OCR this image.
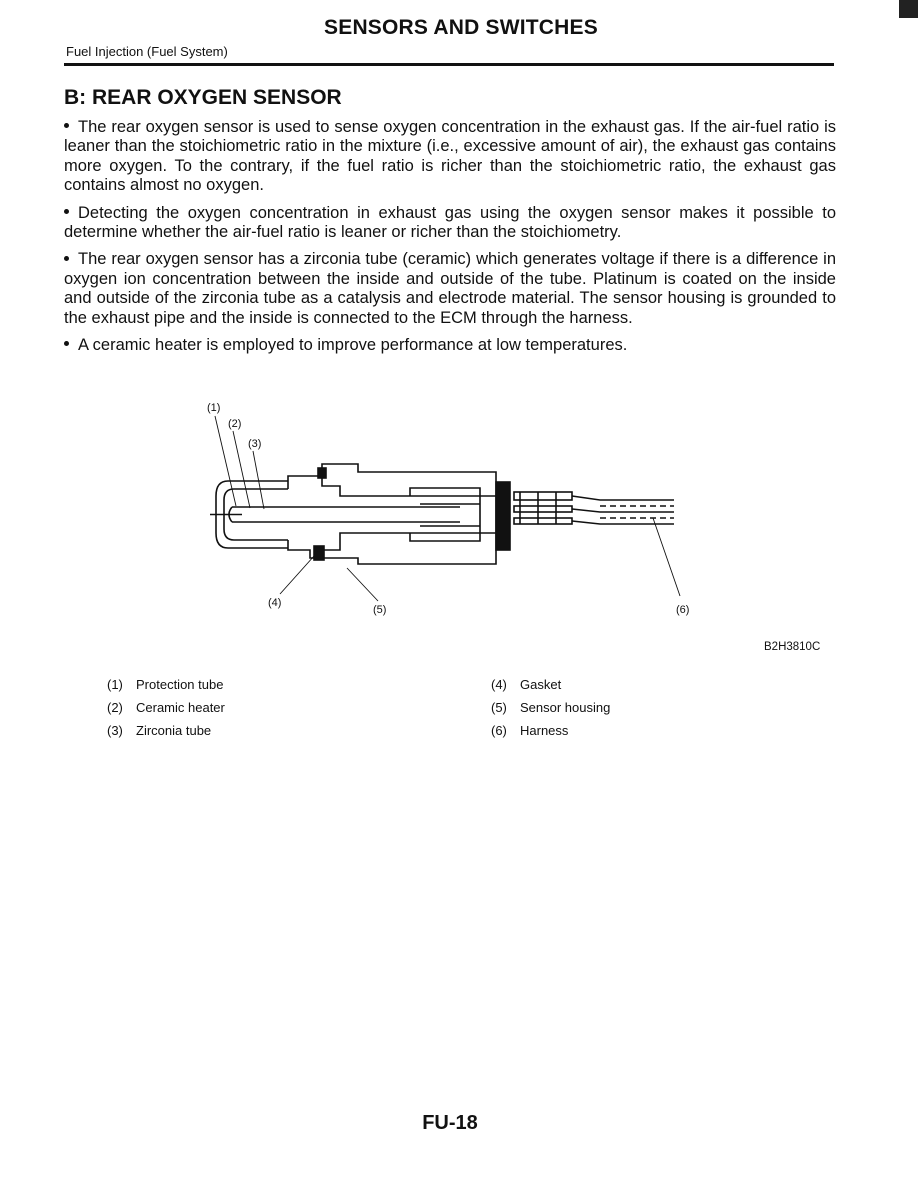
SENSORS AND SWITCHES
Fuel Injection (Fuel System)
B: REAR OXYGEN SENSOR

The rear oxygen sensor is used to sense oxygen concentration in the exhaust gas. If the air-fuel ratio is leaner than the stoichiometric ratio in the mixture (i.e., excessive amount of air), the exhaust gas contains more oxygen. To the contrary, if the fuel ratio is richer than the stoichiometric ratio, the exhaust gas contains almost no oxygen.

Detecting the oxygen concentration in exhaust gas using the oxygen sensor makes it possible to determine whether the air-fuel ratio is leaner or richer than the stoichiometry.

The rear oxygen sensor has a zirconia tube (ceramic) which generates voltage if there is a difference in oxygen ion concentration between the inside and outside of the tube. Platinum is coated on the inside and outside of the zirconia tube as a catalysis and electrode material. The sensor housing is grounded to the exhaust pipe and the inside is connected to the ECM through the harness.

A ceramic heater is employed to improve performance at low temperatures.

(1)
(2)
(3)
(4)
(5)	(6)
B2H3810C
(1) Protection tube
(2) Ceramic heater
(3) Zirconia tube
(4) Gasket
(5) Sensor housing
(6) Harness
FU-18
